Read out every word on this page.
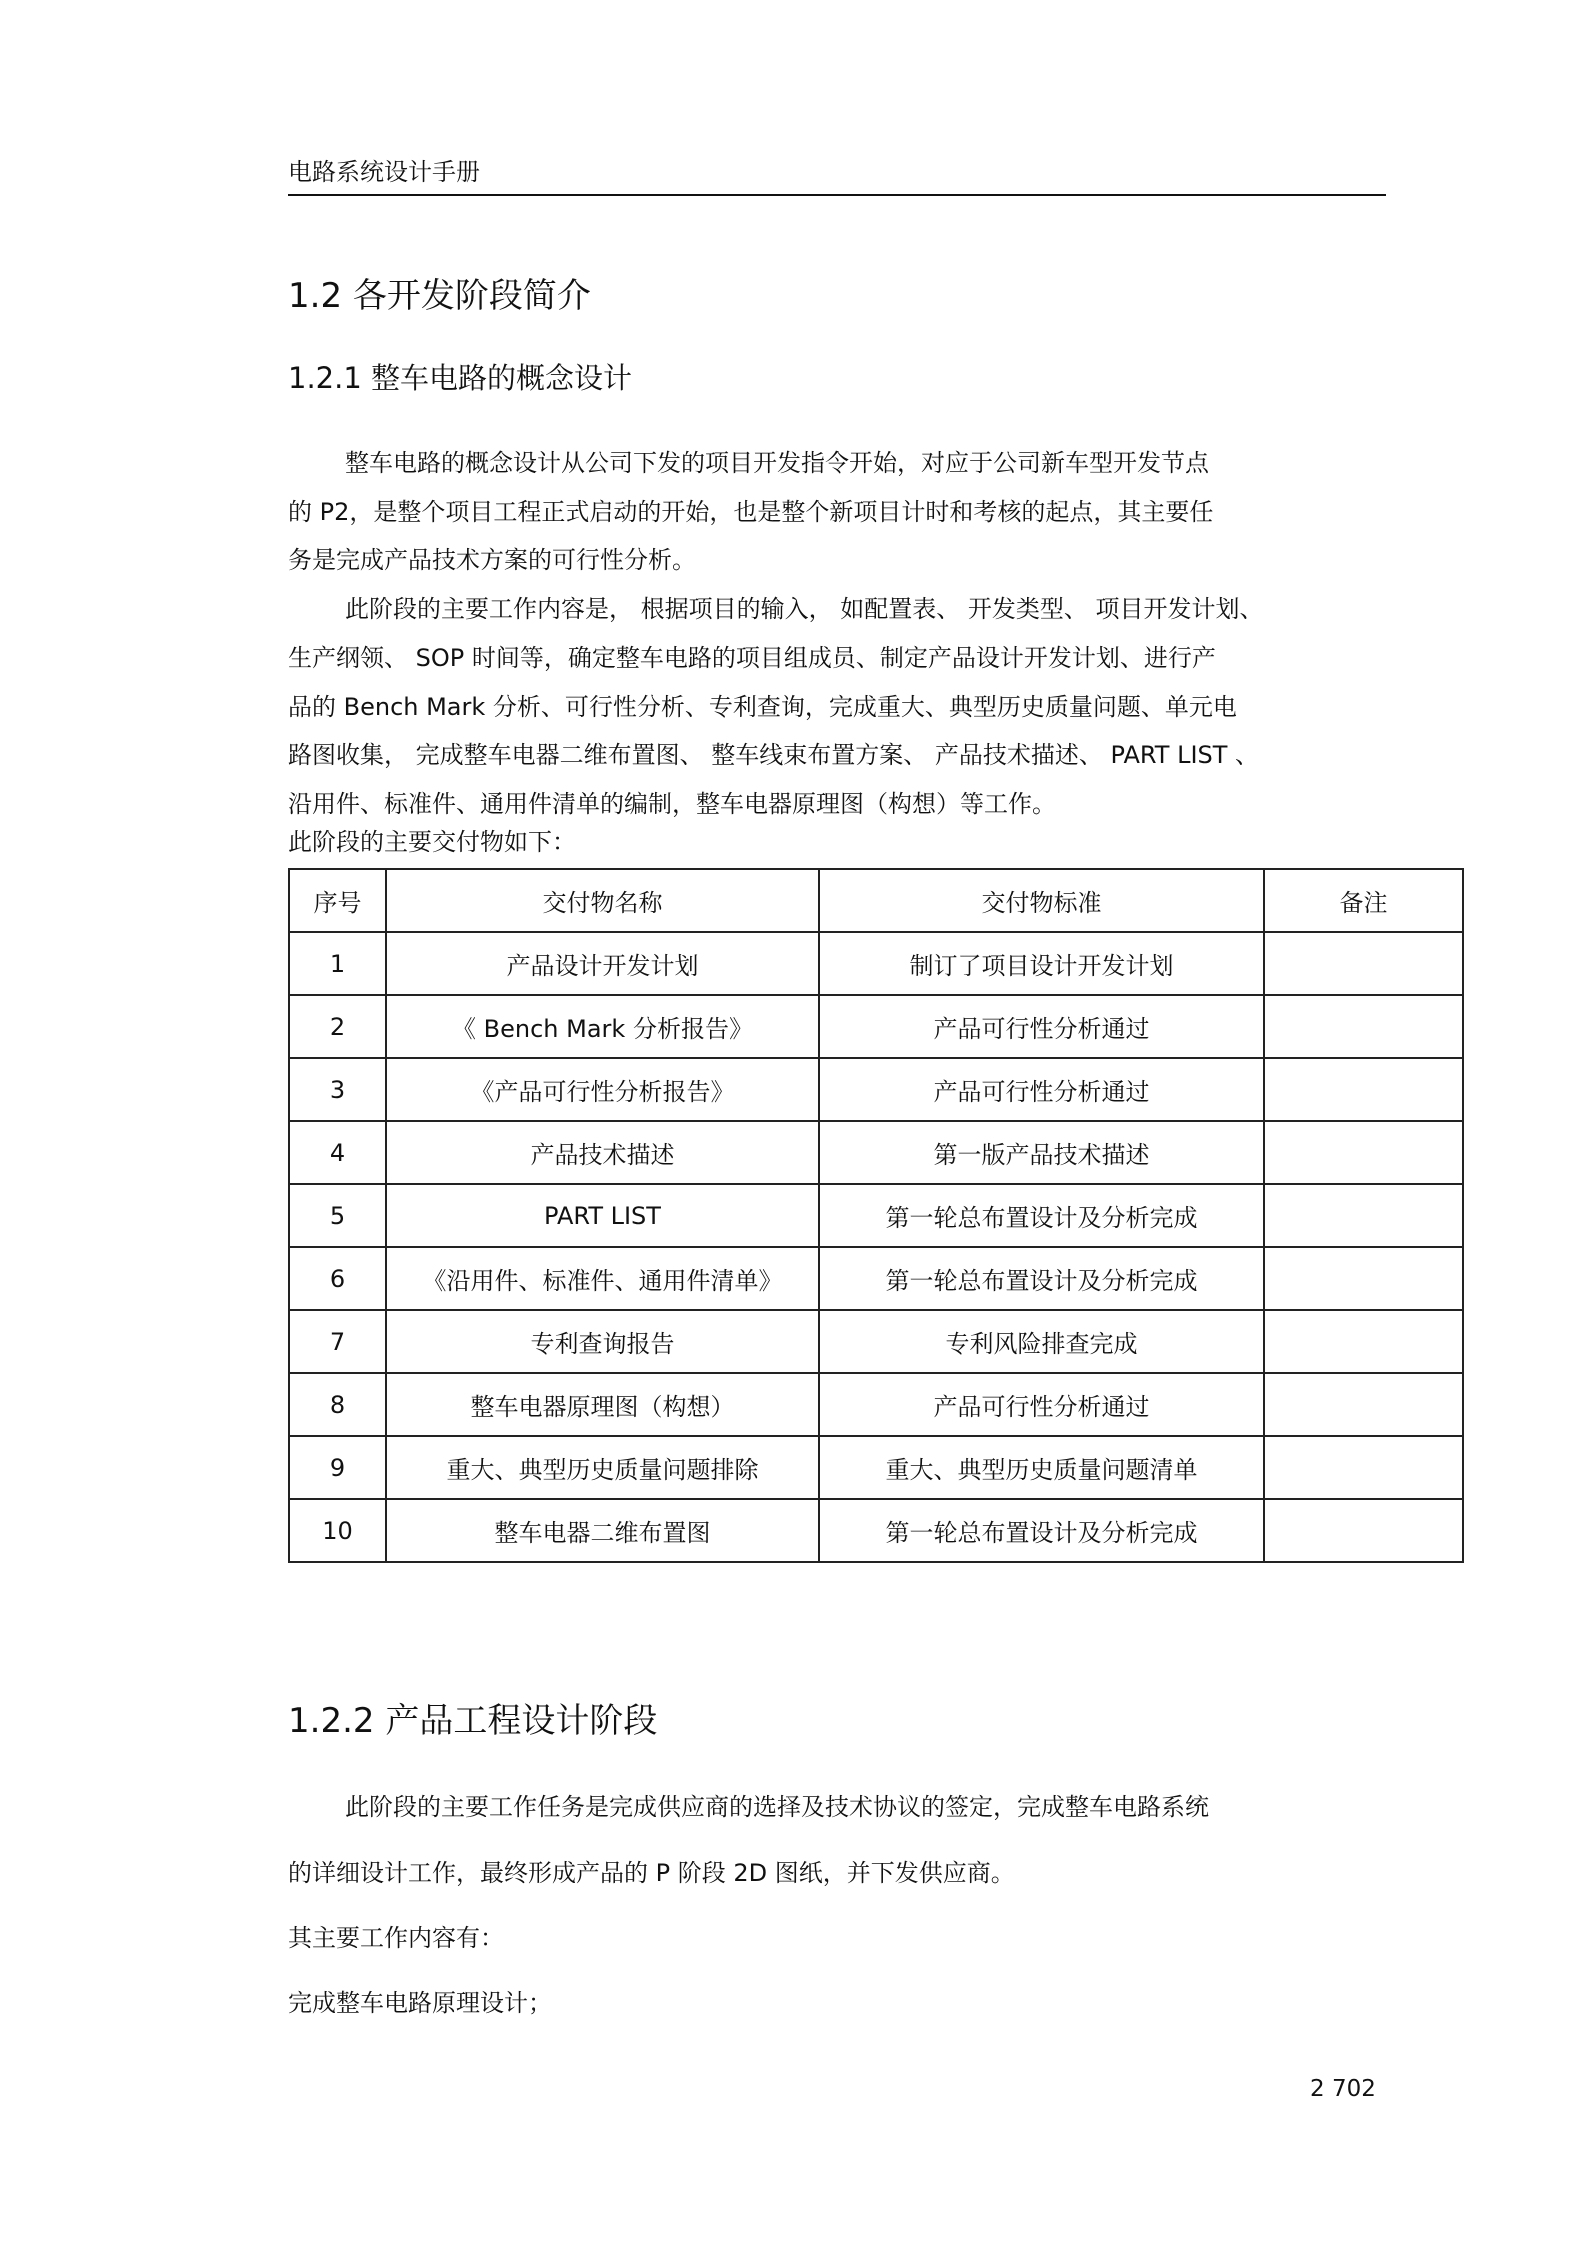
电路系统设计手册
1.2 各开发阶段简介
1.2.1 整车电路的概念设计
整车电路的概念设计从公司下发的项目开发指令开始，对应于公司新车型开发节点
的 P2，是整个项目工程正式启动的开始，也是整个新项目计时和考核的起点，其主要任
务是完成产品技术方案的可行性分析。
此阶段的主要工作内容是， 根据项目的输入， 如配置表、 开发类型、 项目开发计划、
生产纲领、 SOP 时间等，确定整车电路的项目组成员、制定产品设计开发计划、进行产
品的 Bench Mark 分析、可行性分析、专利查询，完成重大、典型历史质量问题、单元电
路图收集， 完成整车电器二维布置图、 整车线束布置方案、 产品技术描述、 PART LIST 、
沿用件、标准件、通用件清单的编制，整车电器原理图（构想）等工作。
此阶段的主要交付物如下：
序号	交付物名称	交付物标准	备注
1	产品设计开发计划	制订了项目设计开发计划	
2	《 Bench Mark 分析报告》	产品可行性分析通过	
3	《产品可行性分析报告》	产品可行性分析通过	
4	产品技术描述	第一版产品技术描述	
5	PART LIST	第一轮总布置设计及分析完成	
6	《沿用件、标准件、通用件清单》	第一轮总布置设计及分析完成	
7	专利查询报告	专利风险排查完成	
8	整车电器原理图（构想）	产品可行性分析通过	
9	重大、典型历史质量问题排除	重大、典型历史质量问题清单	
10	整车电器二维布置图	第一轮总布置设计及分析完成	
1.2.2 产品工程设计阶段
此阶段的主要工作任务是完成供应商的选择及技术协议的签定，完成整车电路系统
的详细设计工作，最终形成产品的 P 阶段 2D 图纸，并下发供应商。
其主要工作内容有：
完成整车电路原理设计；
2 702
